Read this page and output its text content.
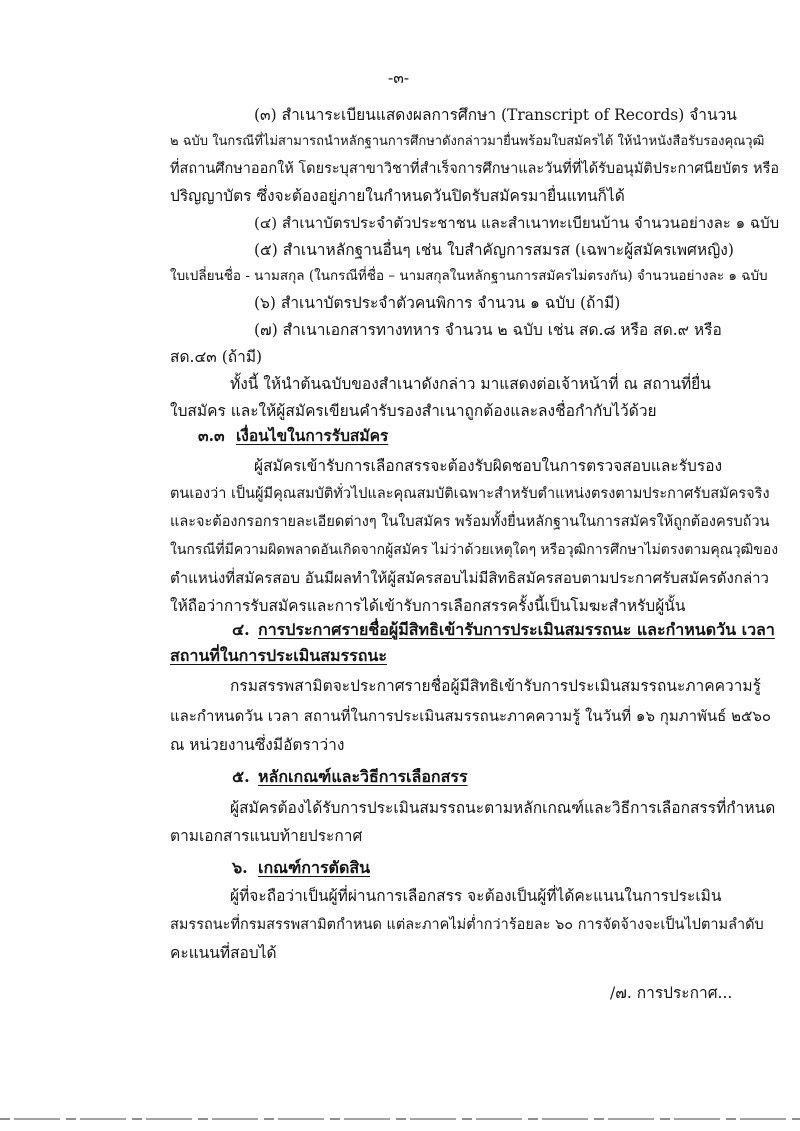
-๓-
(๓) สำเนาระเบียนแสดงผลการศึกษา (Transcript of Records) จำนวน
๒ ฉบับ ในกรณีที่ไม่สามารถนำหลักฐานการศึกษาดังกล่าวมายื่นพร้อมใบสมัครได้ ให้นำหนังสือรับรองคุณวุฒิ
ที่สถานศึกษาออกให้ โดยระบุสาขาวิชาที่สำเร็จการศึกษาและวันที่ที่ได้รับอนุมัติประกาศนียบัตร หรือ
ปริญญาบัตร ซึ่งจะต้องอยู่ภายในกำหนดวันปิดรับสมัครมายื่นแทนก็ได้
(๔) สำเนาบัตรประจำตัวประชาชน และสำเนาทะเบียนบ้าน จำนวนอย่างละ ๑ ฉบับ
(๕) สำเนาหลักฐานอื่นๆ เช่น ใบสำคัญการสมรส (เฉพาะผู้สมัครเพศหญิง)
ใบเปลี่ยนชื่อ - นามสกุล (ในกรณีที่ชื่อ – นามสกุลในหลักฐานการสมัครไม่ตรงกัน) จำนวนอย่างละ ๑ ฉบับ
(๖) สำเนาบัตรประจำตัวคนพิการ จำนวน ๑ ฉบับ (ถ้ามี)
(๗) สำเนาเอกสารทางทหาร จำนวน ๒ ฉบับ เช่น สด.๘ หรือ สด.๙ หรือ
สด.๔๓ (ถ้ามี)
ทั้งนี้ ให้นำต้นฉบับของสำเนาดังกล่าว มาแสดงต่อเจ้าหน้าที่ ณ สถานที่ยื่น
ใบสมัคร และให้ผู้สมัครเขียนคำรับรองสำเนาถูกต้องและลงชื่อกำกับไว้ด้วย
๓.๓ เงื่อนไขในการรับสมัคร
ผู้สมัครเข้ารับการเลือกสรรจะต้องรับผิดชอบในการตรวจสอบและรับรอง
ตนเองว่า เป็นผู้มีคุณสมบัติทั่วไปและคุณสมบัติเฉพาะสำหรับตำแหน่งตรงตามประกาศรับสมัครจริง
และจะต้องกรอกรายละเอียดต่างๆ ในใบสมัคร พร้อมทั้งยื่นหลักฐานในการสมัครให้ถูกต้องครบถ้วน
ในกรณีที่มีความผิดพลาดอันเกิดจากผู้สมัคร ไม่ว่าด้วยเหตุใดๆ หรือวุฒิการศึกษาไม่ตรงตามคุณวุฒิของ
ตำแหน่งที่สมัครสอบ อันมีผลทำให้ผู้สมัครสอบไม่มีสิทธิสมัครสอบตามประกาศรับสมัครดังกล่าว
ให้ถือว่าการรับสมัครและการได้เข้ารับการเลือกสรรครั้งนี้เป็นโมฆะสำหรับผู้นั้น
๔. การประกาศรายชื่อผู้มีสิทธิเข้ารับการประเมินสมรรถนะ และกำหนดวัน เวลา
สถานที่ในการประเมินสมรรถนะ
กรมสรรพสามิตจะประกาศรายชื่อผู้มีสิทธิเข้ารับการประเมินสมรรถนะภาคความรู้
และกำหนดวัน เวลา สถานที่ในการประเมินสมรรถนะภาคความรู้ ในวันที่ ๑๖ กุมภาพันธ์ ๒๕๖๐
ณ หน่วยงานซึ่งมีอัตราว่าง
๕. หลักเกณฑ์และวิธีการเลือกสรร
ผู้สมัครต้องได้รับการประเมินสมรรถนะตามหลักเกณฑ์และวิธีการเลือกสรรที่กำหนด
ตามเอกสารแนบท้ายประกาศ
๖. เกณฑ์การตัดสิน
ผู้ที่จะถือว่าเป็นผู้ที่ผ่านการเลือกสรร จะต้องเป็นผู้ที่ได้คะแนนในการประเมิน
สมรรถนะที่กรมสรรพสามิตกำหนด แต่ละภาคไม่ต่ำกว่าร้อยละ ๖๐ การจัดจ้างจะเป็นไปตามลำดับ
คะแนนที่สอบได้
/๗. การประกาศ...
